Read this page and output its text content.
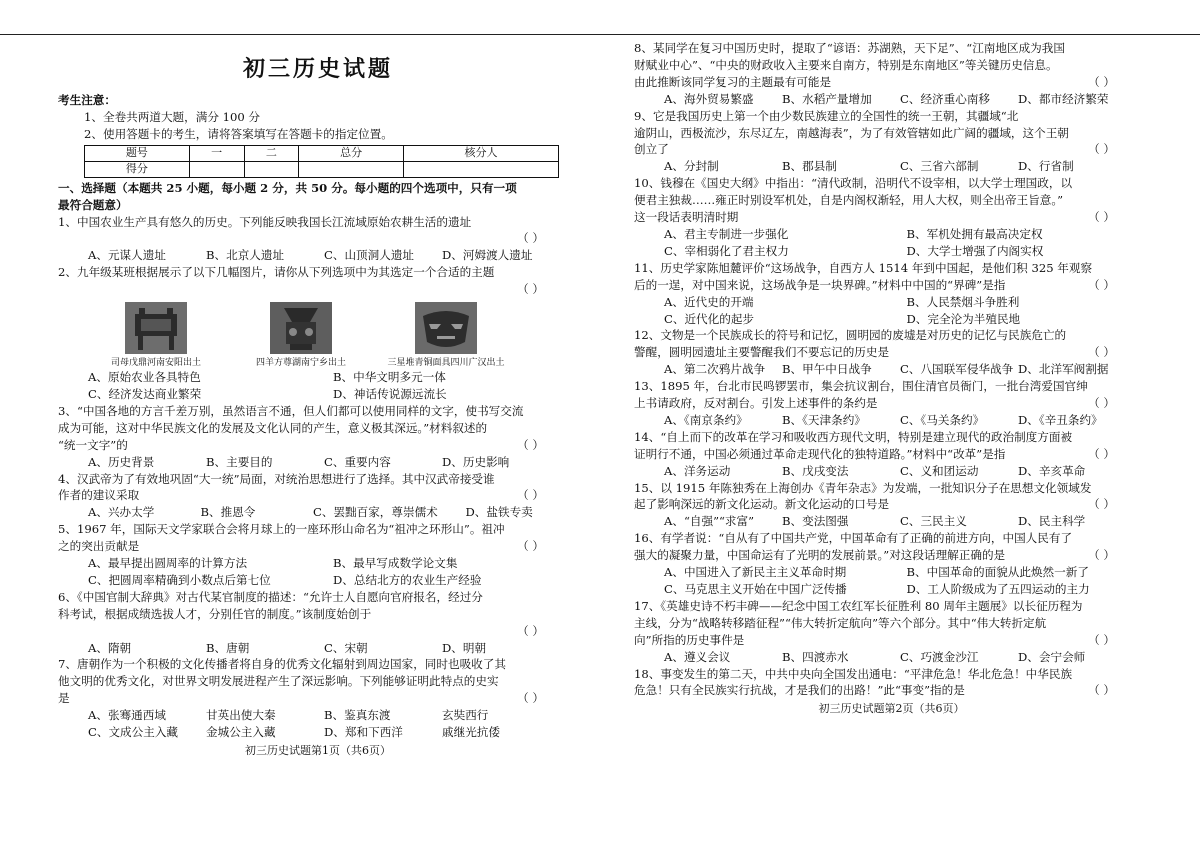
初三历史试题
考生注意：
1、全卷共两道大题，满分 100 分
2、使用答题卡的考生，请将答案填写在答题卡的指定位置。
题号	一	二	总分	核分人
得分				
一、选择题（本题共 25 小题，每小题 2 分，共 50 分。每小题的四个选项中，只有一项
最符合题意）
1、中国农业生产具有悠久的历史。下列能反映我国长江流域原始农耕生活的遗址
（ ）

A、元谋人遗址	B、北京人遗址	C、山顶洞人遗址	D、河姆渡人遗址
2、九年级某班根据展示了以下几幅图片，请你从下列选项中为其选定一个合适的主题
（ ）

司母戊鼎河南安阳出土	四羊方尊湖南宁乡出土	三星堆青铜面具四川广汉出土
A、原始农业各具特色	B、中华文明多元一体
C、经济发达商业繁荣	D、神话传说源远流长
3、“中国各地的方言千差万别，虽然语言不通，但人们都可以使用同样的文字，使书写交流
成为可能，这对中华民族文化的发展及文化认同的产生，意义极其深远。”材料叙述的
（ ）
“统一文字”的
A、历史背景	B、主要目的	C、重要内容	D、历史影响
4、汉武帝为了有效地巩固“大一统”局面，对统治思想进行了选择。其中汉武帝接受谁
（ ）
作者的建议采取
A、兴办太学	B、推恩令	C、罢黜百家，尊崇儒术	D、盐铁专卖
5、1967 年，国际天文学家联合会将月球上的一座环形山命名为“祖冲之环形山”。祖冲
（ ）
之的突出贡献是
A、最早提出圆周率的计算方法	B、最早写成数学论文集
C、把圆周率精确到小数点后第七位	D、总结北方的农业生产经验
6、《中国官制大辞典》对古代某官制度的描述：“允许士人自愿向官府报名，经过分
科考试，根据成绩选拔人才，分别任官的制度。”该制度始创于
（ ）

A、隋朝	B、唐朝	C、宋朝	D、明朝
7、唐朝作为一个积极的文化传播者将自身的优秀文化辐射到周边国家，同时也吸收了其
他文明的优秀文化，对世界文明发展进程产生了深远影响。下列能够证明此特点的史实
（ ）
是
A、张骞通西域	甘英出使大秦	B、鉴真东渡	玄奘西行
C、文成公主入藏	金城公主入藏	D、郑和下西洋	戚继光抗倭
初三历史试题第1页（共6页）
8、某同学在复习中国历史时，提取了“谚语：苏湖熟，天下足”、“江南地区成为我国
财赋业中心”、“中央的财政收入主要来自南方，特别是东南地区”等关键历史信息。
（ ）
由此推断该同学复习的主题最有可能是
A、海外贸易繁盛	B、水稻产量增加	C、经济重心南移	D、都市经济繁荣
9、它是我国历史上第一个由少数民族建立的全国性的统一王朝，其疆域“北
逾阴山，西极流沙，东尽辽左，南越海表”，为了有效管辖如此广阔的疆域，这个王朝
（ ）
创立了
A、分封制	B、郡县制	C、三省六部制	D、行省制
10、钱穆在《国史大纲》中指出：“清代政制，沿明代不设宰相，以大学士理国政，以
便君主独裁……雍正时别设军机处，自是内阁权渐轻，用人大权，则全出帝王旨意。”
（ ）
这一段话表明清时期
A、君主专制进一步强化	B、军机处拥有最高决定权
C、宰相弱化了君主权力	D、大学士增强了内阁实权
11、历史学家陈旭麓评价“这场战争，自西方人 1514 年到中国起，是他们积 325 年观察
（ ）
后的一逞，对中国来说，这场战争是一块界碑。”材料中中国的“界碑”是指
A、近代史的开端	B、人民禁烟斗争胜利
C、近代化的起步	D、完全沦为半殖民地
12、文物是一个民族成长的符号和记忆，圆明园的废墟是对历史的记忆与民族危亡的
（ ）
警醒，圆明园遗址主要警醒我们不要忘记的历史是
A、第二次鸦片战争	B、甲午中日战争	C、八国联军侵华战争 D、北洋军阀割据
13、1895 年，台北市民鸣锣罢市，集会抗议割台，围住清官员衙门，一批台湾爱国官绅
（ ）
上书请政府，反对割台。引发上述事件的条约是
A、《南京条约》	B、《天津条约》	C、《马关条约》	D、《辛丑条约》
14、“自上而下的改革在学习和吸收西方现代文明，特别是建立现代的政治制度方面被
（ ）
证明行不通，中国必须通过革命走现代化的独特道路。”材料中“改革”是指
A、洋务运动	B、戊戌变法	C、义和团运动	D、辛亥革命
15、以 1915 年陈独秀在上海创办《青年杂志》为发端，一批知识分子在思想文化领域发
（ ）
起了影响深远的新文化运动。新文化运动的口号是
A、“自强”“求富”	B、变法图强	C、三民主义	D、民主科学
16、有学者说：“自从有了中国共产党，中国革命有了正确的前进方向，中国人民有了
（ ）
强大的凝聚力量，中国命运有了光明的发展前景。”对这段话理解正确的是
A、中国进入了新民主主义革命时期	B、中国革命的面貌从此焕然一新了
C、马克思主义开始在中国广泛传播	D、工人阶级成为了五四运动的主力
17、《英雄史诗不朽丰碑——纪念中国工农红军长征胜利 80 周年主题展》以长征历程为
主线，分为“战略转移踏征程”“伟大转折定航向”等六个部分。其中“伟大转折定航
（ ）
向”所指的历史事件是
A、遵义会议	B、四渡赤水	C、巧渡金沙江	D、会宁会师
18、事变发生的第二天，中共中央向全国发出通电：“平津危急！华北危急！中华民族
（ ）
危急！只有全民族实行抗战，才是我们的出路！”此“事变”指的是
初三历史试题第2页（共6页）
